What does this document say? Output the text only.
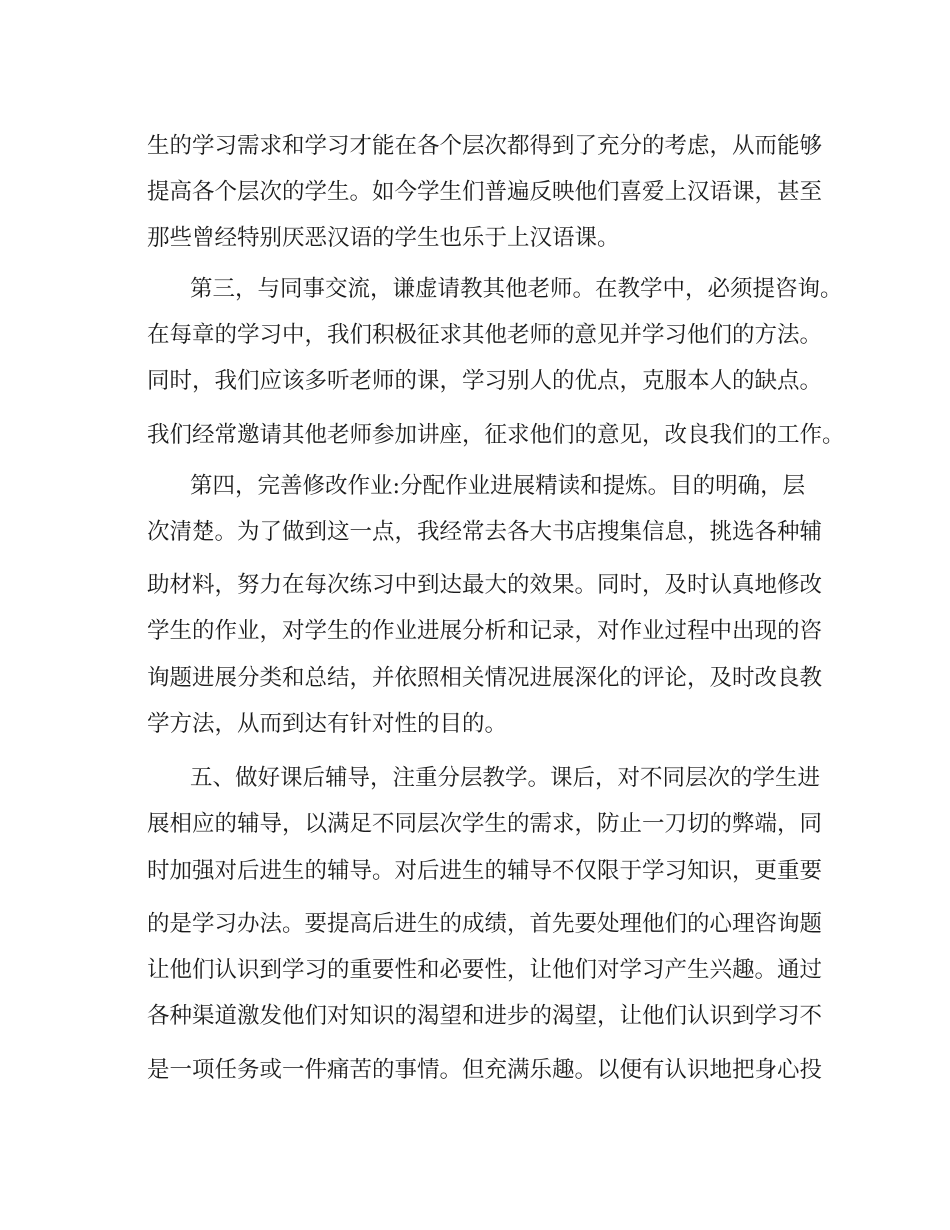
生的学习需求和学习才能在各个层次都得到了充分的考虑，从而能够
提高各个层次的学生。如今学生们普遍反映他们喜爱上汉语课，甚至
那些曾经特别厌恶汉语的学生也乐于上汉语课。
第三，与同事交流，谦虚请教其他老师。在教学中，必须提咨询。
在每章的学习中，我们积极征求其他老师的意见并学习他们的方法。
同时，我们应该多听老师的课，学习别人的优点，克服本人的缺点。
我们经常邀请其他老师参加讲座，征求他们的意见，改良我们的工作。
第四，完善修改作业:分配作业进展精读和提炼。目的明确，层
次清楚。为了做到这一点，我经常去各大书店搜集信息，挑选各种辅
助材料，努力在每次练习中到达最大的效果。同时，及时认真地修改
学生的作业，对学生的作业进展分析和记录，对作业过程中出现的咨
询题进展分类和总结，并依照相关情况进展深化的评论，及时改良教
学方法，从而到达有针对性的目的。
五、做好课后辅导，注重分层教学。课后，对不同层次的学生进
展相应的辅导，以满足不同层次学生的需求，防止一刀切的弊端，同
时加强对后进生的辅导。对后进生的辅导不仅限于学习知识，更重要
的是学习办法。要提高后进生的成绩，首先要处理他们的心理咨询题
让他们认识到学习的重要性和必要性，让他们对学习产生兴趣。通过
各种渠道激发他们对知识的渴望和进步的渴望，让他们认识到学习不
是一项任务或一件痛苦的事情。但充满乐趣。以便有认识地把身心投
